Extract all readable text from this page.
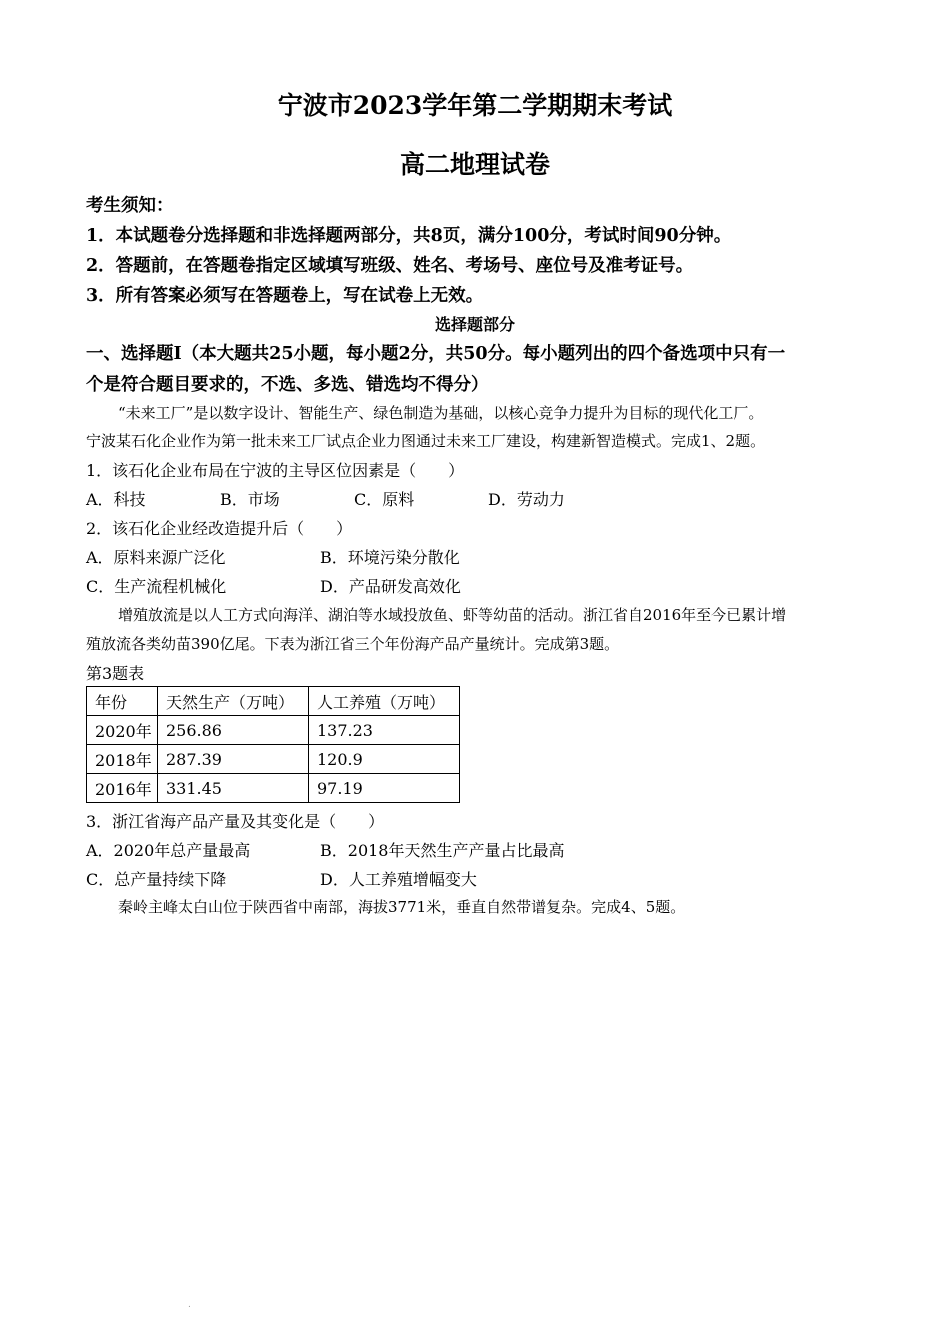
宁波市2023学年第二学期期末考试
高二地理试卷
考生须知：
1．本试题卷分选择题和非选择题两部分，共8页，满分100分，考试时间90分钟。
2．答题前，在答题卷指定区域填写班级、姓名、考场号、座位号及准考证号。
3．所有答案必须写在答题卷上，写在试卷上无效。
选择题部分
一、选择题I（本大题共25小题，每小题2分，共50分。每小题列出的四个备选项中只有一
个是符合题目要求的，不选、多选、错选均不得分）
“未来工厂”是以数字设计、智能生产、绿色制造为基础，以核心竞争力提升为目标的现代化工厂。
宁波某石化企业作为第一批未来工厂试点企业力图通过未来工厂建设，构建新智造模式。完成1、2题。
1．该石化企业布局在宁波的主导区位因素是（　　）
A．科技	B．市场	C．原料	D．劳动力
2．该石化企业经改造提升后（　　）
A．原料来源广泛化	B．环境污染分散化
C．生产流程机械化	D．产品研发高效化
增殖放流是以人工方式向海洋、湖泊等水域投放鱼、虾等幼苗的活动。浙江省自2016年至今已累计增
殖放流各类幼苗390亿尾。下表为浙江省三个年份海产品产量统计。完成第3题。
第3题表
年份	天然生产（万吨）	人工养殖（万吨）
2020年	256.86	137.23
2018年	287.39	120.9
2016年	331.45	97.19
3．浙江省海产品产量及其变化是（　　）
A．2020年总产量最高	B．2018年天然生产产量占比最高
C．总产量持续下降	D．人工养殖增幅变大
秦岭主峰太白山位于陕西省中南部，海拔3771米，垂直自然带谱复杂。完成4、5题。
.
